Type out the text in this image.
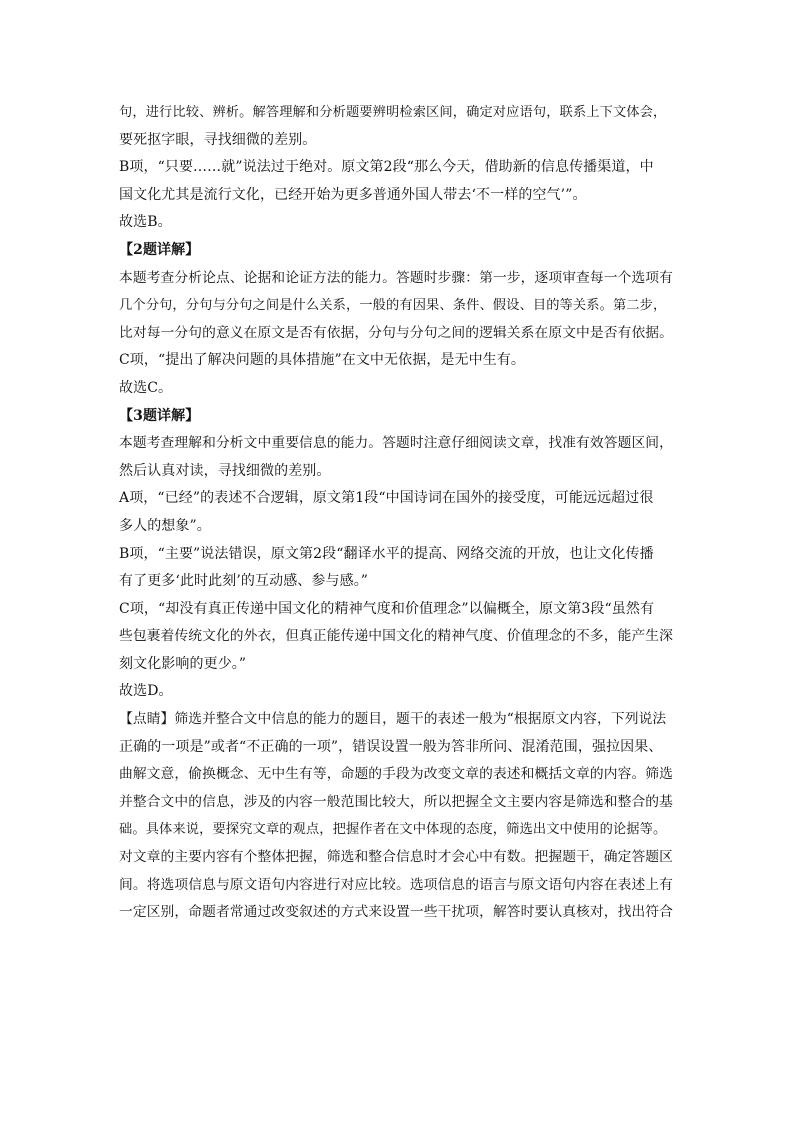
句，进行比较、辨析。解答理解和分析题要辨明检索区间，确定对应语句，联系上下文体会，
要死抠字眼，寻找细微的差别。
B项，“只要……就”说法过于绝对。原文第2段“那么今天，借助新的信息传播渠道，中
国文化尤其是流行文化，已经开始为更多普通外国人带去‘不一样的空气’”。
故选B。
【2题详解】
本题考查分析论点、论据和论证方法的能力。答题时步骤：第一步，逐项审查每一个选项有
几个分句，分句与分句之间是什么关系，一般的有因果、条件、假设、目的等关系。第二步，
比对每一分句的意义在原文是否有依据，分句与分句之间的逻辑关系在原文中是否有依据。
C项，“提出了解决问题的具体措施”在文中无依据，是无中生有。
故选C。
【3题详解】
本题考查理解和分析文中重要信息的能力。答题时注意仔细阅读文章，找准有效答题区间，
然后认真对读，寻找细微的差别。
A项，“已经”的表述不合逻辑，原文第1段“中国诗词在国外的接受度，可能远远超过很
多人的想象”。
B项，“主要”说法错误，原文第2段“翻译水平的提高、网络交流的开放，也让文化传播
有了更多‘此时此刻’的互动感、参与感。”
C项，“却没有真正传递中国文化的精神气度和价值理念”以偏概全，原文第3段“虽然有
些包裹着传统文化的外衣，但真正能传递中国文化的精神气度、价值理念的不多，能产生深
刻文化影响的更少。”
故选D。
【点睛】筛选并整合文中信息的能力的题目，题干的表述一般为“根据原文内容，下列说法
正确的一项是”或者“不正确的一项”，错误设置一般为答非所问、混淆范围，强拉因果、
曲解文意，偷换概念、无中生有等，命题的手段为改变文章的表述和概括文章的内容。筛选
并整合文中的信息，涉及的内容一般范围比较大，所以把握全文主要内容是筛选和整合的基
础。具体来说，要探究文章的观点，把握作者在文中体现的态度，筛选出文中使用的论据等。
对文章的主要内容有个整体把握，筛选和整合信息时才会心中有数。把握题干，确定答题区
间。将选项信息与原文语句内容进行对应比较。选项信息的语言与原文语句内容在表述上有
一定区别，命题者常通过改变叙述的方式来设置一些干扰项，解答时要认真核对，找出符合
